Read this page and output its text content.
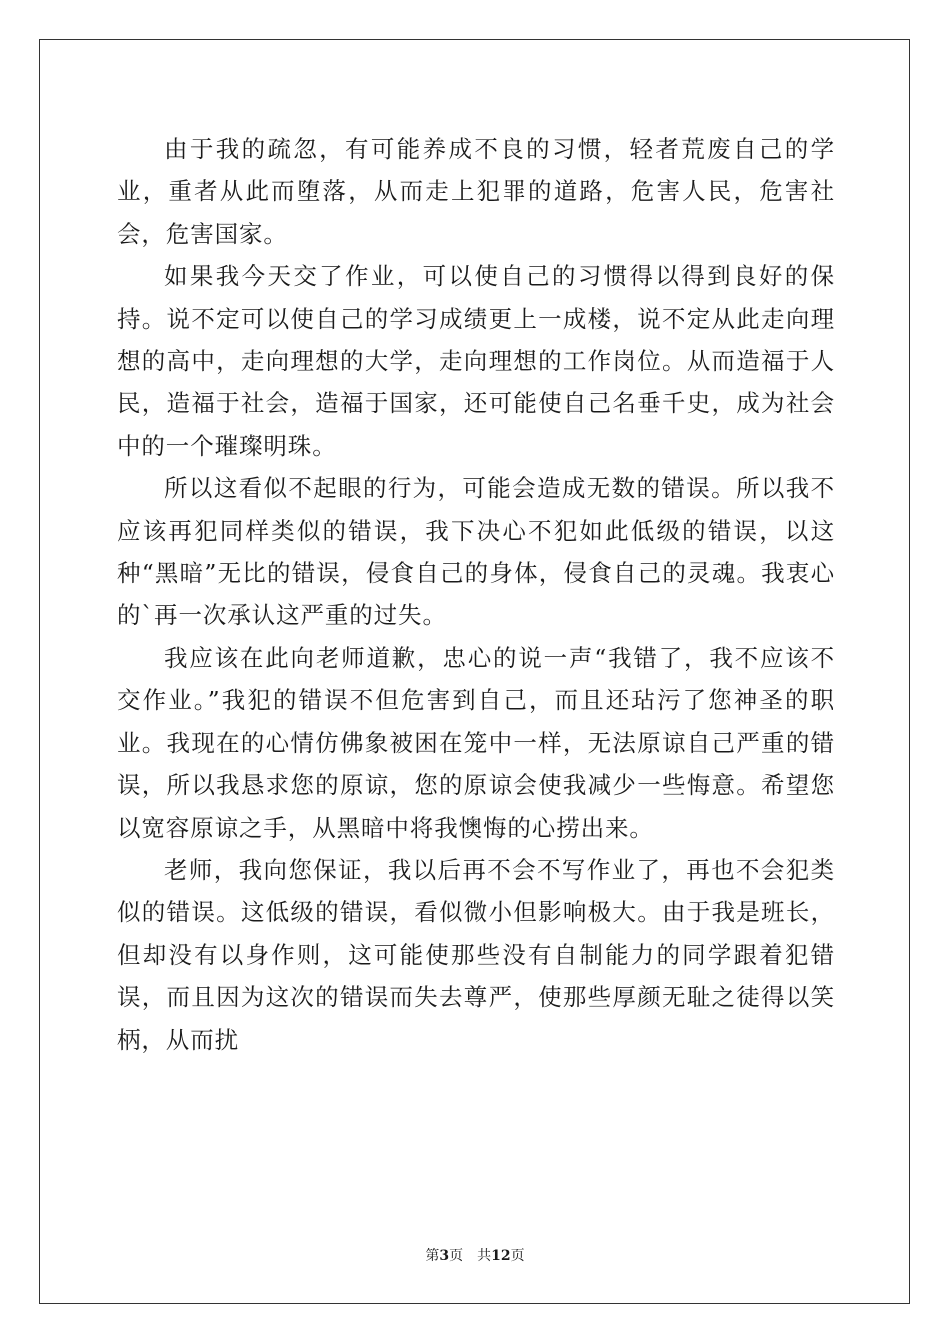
由于我的疏忽，有可能养成不良的习惯，轻者荒废自己的学业，重者从此而堕落，从而走上犯罪的道路，危害人民，危害社会，危害国家。

如果我今天交了作业，可以使自己的习惯得以得到良好的保持。说不定可以使自己的学习成绩更上一成楼，说不定从此走向理想的高中，走向理想的大学，走向理想的工作岗位。从而造福于人民，造福于社会，造福于国家，还可能使自己名垂千史，成为社会中的一个璀璨明珠。

所以这看似不起眼的行为，可能会造成无数的错误。所以我不应该再犯同样类似的错误，我下决心不犯如此低级的错误，以这种“黑暗”无比的错误，侵食自己的身体，侵食自己的灵魂。我衷心的`再一次承认这严重的过失。

我应该在此向老师道歉，忠心的说一声“我错了，我不应该不交作业。”我犯的错误不但危害到自己，而且还玷污了您神圣的职业。我现在的心情仿佛象被困在笼中一样，无法原谅自己严重的错误，所以我恳求您的原谅，您的原谅会使我减少一些悔意。希望您以宽容原谅之手，从黑暗中将我懊悔的心捞出来。

老师，我向您保证，我以后再不会不写作业了，再也不会犯类似的错误。这低级的错误，看似微小但影响极大。由于我是班长，但却没有以身作则，这可能使那些没有自制能力的同学跟着犯错误，而且因为这次的错误而失去尊严，使那些厚颜无耻之徒得以笑柄，从而扰

第3页 共12页
